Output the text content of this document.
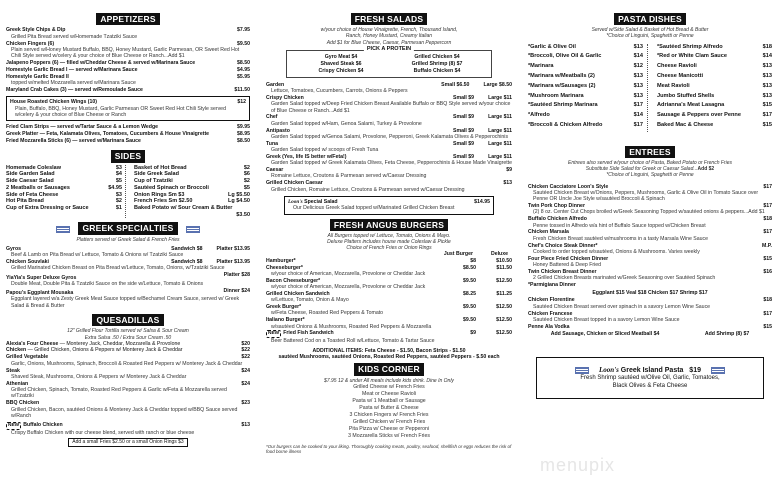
APPETIZERS
Greek Style Chips & Dip	$7.95
Grilled Pita Bread served w/Homemade Tzatziki Sauce
Chicken Fingers (6)	$9.50
Plain served w/Honey Mustard Buffalo, BBQ, Honey Mustard, Garlic Parmesan, OR Sweet Red Hot Chili Style served w/celery & your choice of Blue Cheese or Ranch...Add $1
Jalapeno Poppers (6) — filled w/Cheddar Cheese & served w/Marinara Sauce	$8.50
Homestyle Garlic Bread I — served w/Marinara Sauce	$4.95
Homestyle Garlic Bread II	$5.95
topped w/melted Mozzarella served w/Marinara Sauce
Maryland Crab Cakes (3) — served w/Remoulade Sauce	$11.50
House Roasted Chicken Wings (10)	$12
Plain, Buffalo, BBQ, Honey Mustard, Garlic Parmesan OR Sweet Red Hot Chili Style served w/celery & your choice of Blue Cheese or Ranch
Fried Clam Strips — served w/Tartar Sauce & a Lemon Wedge	$9.95
Greek Platter — Feta, Kalamata Olives, Tomatoes, Cucumbers & House Vinaigrette	$8.95
Fried Mozzarella Sticks (6) — served w/Marinara Sauce	$8.50
SIDES
Homemade Coleslaw	$3
Side Garden Salad	$4
Side Caesar Salad	$5
2 Meatballs or Sausages	$4.95
Side of Feta Cheese	$3
Hot Pita Bread	$2
Cup of Extra Dressing or Sauce	$1
Basket of Hot Bread	$2
Side Greek Salad	$6
Cup of Tzatziki	$2
Sautéed Spinach or Broccoli	$5
Onion Rings Sm $3	Lg $5.50
French Fries Sm $2.50	Lg $4.50
Baked Potato w/ Sour Cream & Butter
$3.50
GREEK SPECIALTIES
Platters served w/ Greek Salad & French Fries
Gyros	Sandwich $8	Platter $13.95
Beef & Lamb on Pita Bread w/ Lettuce, Tomato & Onions w/ Tzatziki Sauce
Chicken Souvlaki	Sandwich $8	Platter $13.95
Grilled Marinated Chicken Breast on Pita Bread w/Lettuce, Tomato, Onions, w/Tzatziki Sauce
YiaYia's Super Deluxe Gyros	Platter $28
Double Meat, Double Pita & Tzatziki Sauce on the side w/Lettuce, Tomato & Onions
Papou's Eggplant Mousaka	Dinner $24
Eggplant layered w/a Zesty Greek Meat Sauce topped w/Bechamel Cream Sauce, served w/ Greek Salad & Bread & Butter
QUESADILLAS
12" Grilled Flour Tortilla served w/ Salsa & Sour Cream
Extra Salsa .50 / Extra Sour Cream .50
Alexia's Four Cheese — Monterey Jack, Cheddar, Mozzarella & Provolone	$20
Chicken — Grilled Chicken, Onions & Peppers w/ Monterey Jack & Cheddar	$22
Grilled Vegetable	$22
Garlic, Onions, Mushrooms, Spinach, Broccoli & Roasted Red Peppers w/ Monterey Jack & Cheddar
Steak	$24
Shaved Steak, Mushrooms, Onions & Peppers w/ Monterey Jack & Cheddar
Athenian	$24
Grilled Chicken, Spinach, Tomato, Roasted Red Peppers & Garlic w/Feta & Mozzarella served w/Tzatziki
BBQ Chicken	$23
Grilled Chicken, Bacon, sautéed Onions & Monterey Jack & Cheddar topped w/BBQ Sauce served w/Ranch
NEW Buffalo Chicken	$13
Crispy Buffalo Chicken with our cheese blend, served with ranch or blue cheese
Add a small Fries $2.50 or a small Onion Rings $3
FRESH SALADS
w/your choice of House Vinaigrette, French, Thousand Island,
Ranch, Honey Mustard, Creamy Italian
Add $1 for Blue Cheese, Caesar, Parmesan Peppercorn
PICK A PROTEIN
Gyro Meat $4	Grilled Chicken $4
Shaved Steak $6	Grilled Shrimp (8) $7
Crispy Chicken $4	Buffalo Chicken $4
Garden	Small $6.50	Large $8.50
Lettuce, Tomatoes, Cucumbers, Carrots, Onions & Peppers
Crispy Chicken	Small $9	Large $11
Garden Salad topped w/Deep Fried Chicken Breast Available Buffalo or BBQ Style served w/your choice of Blue Cheese or Ranch...Add $1
Chef	Small $9	Large $11
Garden Salad topped w/Ham, Genoa Salami, Turkey & Provolone
Antipasto	Small $9	Large $11
Garden Salad topped w/Genoa Salami, Provolone, Pepperoni, Greek Kalamata Olives & Pepperochinis
Tuna	Small $9	Large $11
Garden Salad topped w/ scoops of Fresh Tuna
Greek (Yes, life IS better w/Feta!)	Small $9	Large $11
Garden Salad topped w/ Greek Kalamata Olives, Feta Cheese, Pepperochinis & House Made Vinaigrette
Caesar	$9
Romaine Lettuce, Croutons & Parmesan served w/Caesar Dressing
Grilled Chicken Caesar	$13
Grilled Chicken, Romaine Lettuce, Croutons & Parmesan served w/Caesar Dressing
Loon's Special Salad	$14.95
Our Delicious Greek Salad topped w/Marinated Grilled Chicken Breast
FRESH ANGUS BURGERS
All Burgers topped w/ Lettuce, Tomato, Onions & Mayo.
Deluxe Platters includes house made Coleslaw & Pickle
Choice of French Fries or Onion Rings
Just Burger	Deluxe
Hamburger*	$8	$10.50
Cheeseburger*	$8.50	$11.50
w/your choice of American, Mozzarella, Provolone or Cheddar Jack
Bacon Cheeseburger*	$9.50	$12.50
w/your choice of American, Mozzarella, Provolone or Cheddar Jack
Grilled Chicken Sandwich	$8.25	$11.25
w/Lettuce, Tomato, Onion & Mayo
Greek Burger*	$9.50	$12.50
w/Feta Cheese, Roasted Red Peppers & Tomato
Italiano Burger*	$9.50	$12.50
w/sautéed Onions & Mushrooms, Roasted Red Peppers & Mozzarella
NEW Fried Fish Sandwich	$9	$12.50
Beer Battered Cod on a Toasted Roll w/Lettuce, Tomato & Tartar Sauce
ADDITIONAL ITEMS: Feta Cheese - $1.50, Bacon Strips - $1.50
sautéed Mushrooms, sautéed Onions, Roasted Red Peppers, sautéed Peppers - $.50 each
KIDS CORNER
$7.95 12 & under All meals include kids drink. Dine In Only
Grilled Cheese w/ French Fries
Meat or Cheese Ravioli
Pasta w/ 1 Meatball or Sausage
Pasta w/ Butter & Cheese
3 Chicken Fingers w/ French Fries
Grilled Chicken w/ French Fries
Pita Pizza w/ Cheese or Pepperoni
3 Mozzarella Sticks w/ French Fries
*Our burgers can be cooked to your liking. Thoroughly cooking meats, poultry, seafood, shellfish or eggs reduces the risk of food borne illness
PASTA DISHES
Served w/Side Salad & Basket of Hot Bread & Butter
*Choice of Linguini, Spaghetti or Penne
*Garlic & Olive Oil	$13
*Broccoli, Olive Oil & Garlic	$14
*Marinara	$12
*Marinara w/Meatballs (2)	$13
*Marinara w/Sausages (2)	$13
*Mushroom Marinara	$13
*Sautéed Shrimp Marinara	$17
*Alfredo	$14
*Broccoli & Chicken Alfredo	$17
*Sautéed Shrimp Alfredo	$18
*Red or White Clam Sauce	$14
Cheese Ravioli	$13
Cheese Manicotti	$13
Meat Ravioli	$13
Jumbo Stuffed Shells	$13
Adrianna's Meat Lasagna	$15
Sausage & Peppers over Penne	$17
Baked Mac & Cheese	$15
ENTREES
Entrees also served w/your choice of Pasta, Baked Potato or French Fries
Substitute Side Salad for Greek or Caesar Salad...Add $2
*Choice of Linguini, Spaghetti or Penne
Chicken Cacciatore Loon's Style	$17
Sautéed Chicken Breast w/Onions, Peppers, Mushrooms, Garlic & Olive Oil in Tomato Sauce over Penne OR Uncle Joe Style w/sautéed Broccoli & Spinach
Twin Pork Chop Dinner	$17
(2) 8 oz. Center Cut Chops broiled w/Greek Seasoning Topped w/sautéed onions & peppers...Add $1
Buffalo Chicken Alfredo	$18
Penne tossed in Alfredo w/a hint of Buffalo Sauce topped w/Chicken Breast
Chicken Marsala	$17
Fresh Chicken Breast sautéed w/mushrooms in a tasty Marsala Wine Sauce
Chef's Choice Steak Dinner*	M.P.
Cooked to order topped w/sautéed, Onions & Mushrooms. Varies weekly
Four Piece Fried Chicken Dinner	$15
Honey Battered & Deep Fried
Twin Chicken Breast Dinner	$16
2 Grilled Chicken Breasts marinated w/Greek Seasoning over Sautéed Spinach
*Parmigiana Dinner
Eggplant $15 Veal $18 Chicken $17 Shrimp $17
Chicken Florentine	$18
Sautéed Chicken Breast served over spinach in a savory Lemon Wine Sauce
Chicken Francese	$17
Sautéed Chicken Breast topped in a savory Lemon Wine Sauce
Penne Ala Vodka	$15
Add Sausage, Chicken or Sliced Meatball $4	Add Shrimp (8) $7
Loon's Greek Island Pasta $19
Fresh Shrimp sautéed w/Olive Oil, Garlic, Tomatoes,
Black Olives & Feta Cheese
menupix
